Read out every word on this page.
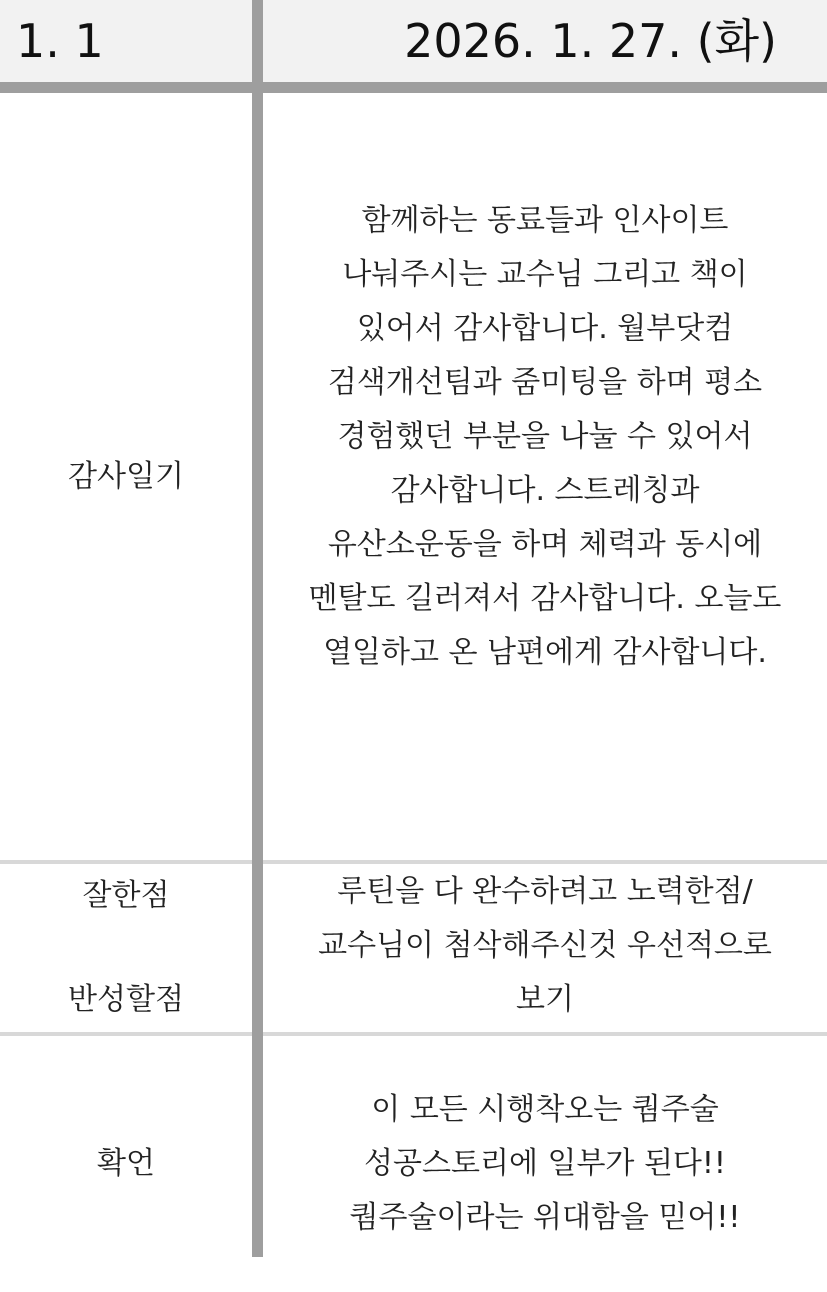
1. 1	2026. 1. 27. (화)
감사일기
함께하는 동료들과 인사이트
나눠주시는 교수님 그리고 책이
있어서 감사합니다. 월부닷컴
검색개선팀과 줌미팅을 하며 평소
경험했던 부분을 나눌 수 있어서
감사합니다. 스트레칭과
유산소운동을 하며 체력과 동시에
멘탈도 길러져서 감사합니다. 오늘도
열일하고 온 남편에게 감사합니다.

잘한점

반성할점

루틴을 다 완수하려고 노력한점/
교수님이 첨삭해주신것 우선적으로
보기
확언
이 모든 시행착오는 퀌주술
성공스토리에 일부가 된다!!
퀌주술이라는 위대함을 믿어!!
